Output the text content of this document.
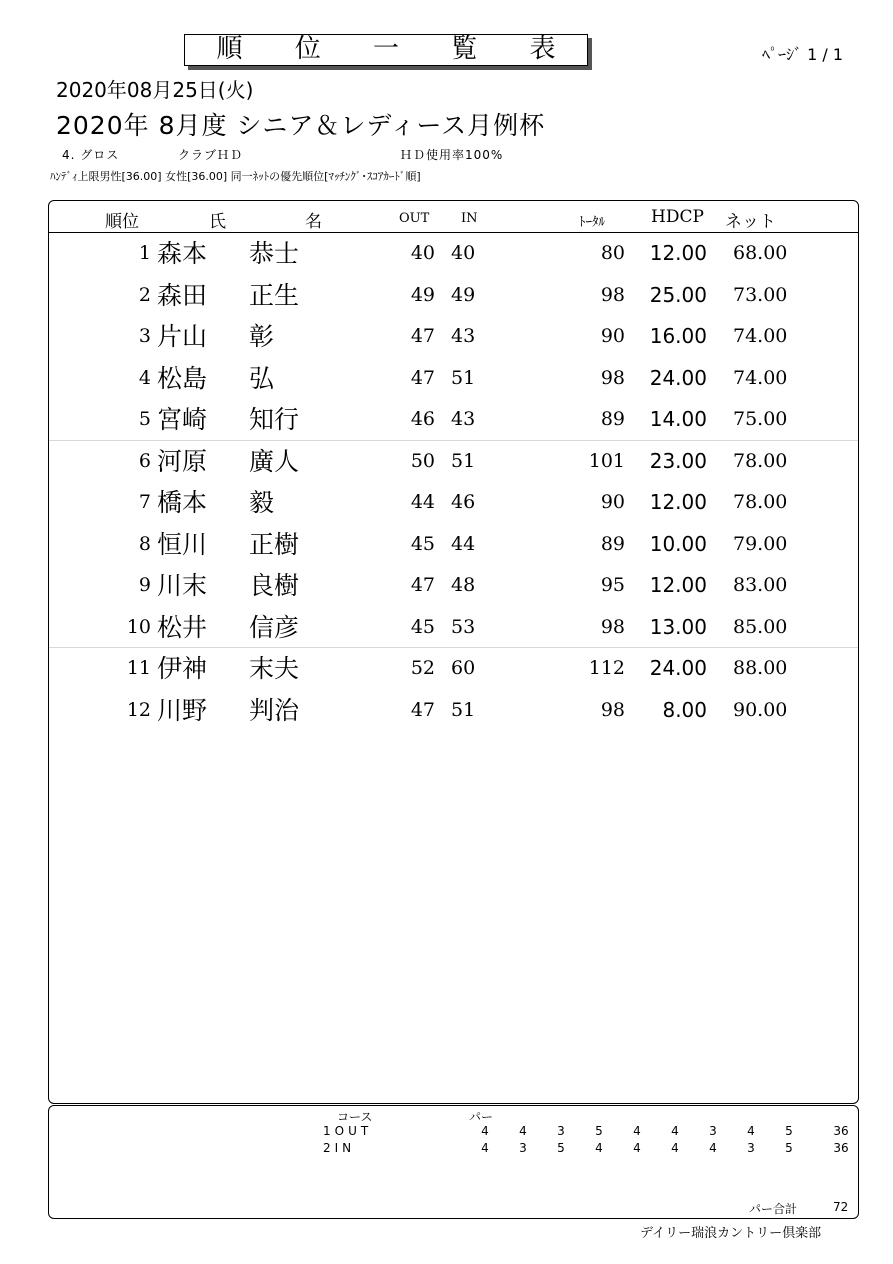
順 位 一 覧 表	ﾍﾟｰｼﾞ 1 / 1
2020年08月25日(火)
2020年 8月度 シニア＆レディース月例杯
4. グロス	クラブＨＤ	ＨＤ使用率100%
ﾊﾝﾃﾞｨ上限男性[36.00] 女性[36.00] 同一ﾈｯﾄの優先順位[ﾏｯﾁﾝｸﾞ･ｽｺｱｶｰﾄﾞ順]
順位	氏	名	OUT IN	ﾄｰﾀﾙ	HDCP ネット
1 森本 恭士	40 40	80	12.00 68.00
2 森田 正生	49 49	98	25.00 73.00
3 片山 彰	47 43	90	16.00 74.00
4 松島 弘	47 51	98	24.00 74.00
5 宮崎 知行	46 43	89	14.00 75.00
6 河原 廣人	50 51	101	23.00 78.00
7 橋本 毅	44 46	90	12.00 78.00
8 恒川 正樹	45 44	89	10.00 79.00
9 川末 良樹	47 48	95	12.00 83.00
10 松井 信彦	45 53	98	13.00 85.00
11 伊神 末夫	52 60	112	24.00 88.00
12 川野 判治	47 51	98	8.00 90.00
コース	パー
1OUT	4	4	3	5	4	4	3	4	5	36
2IN	4	3	5	4	4	4	4	3	5	36
パー合計	72
デイリー瑞浪カントリー倶楽部
